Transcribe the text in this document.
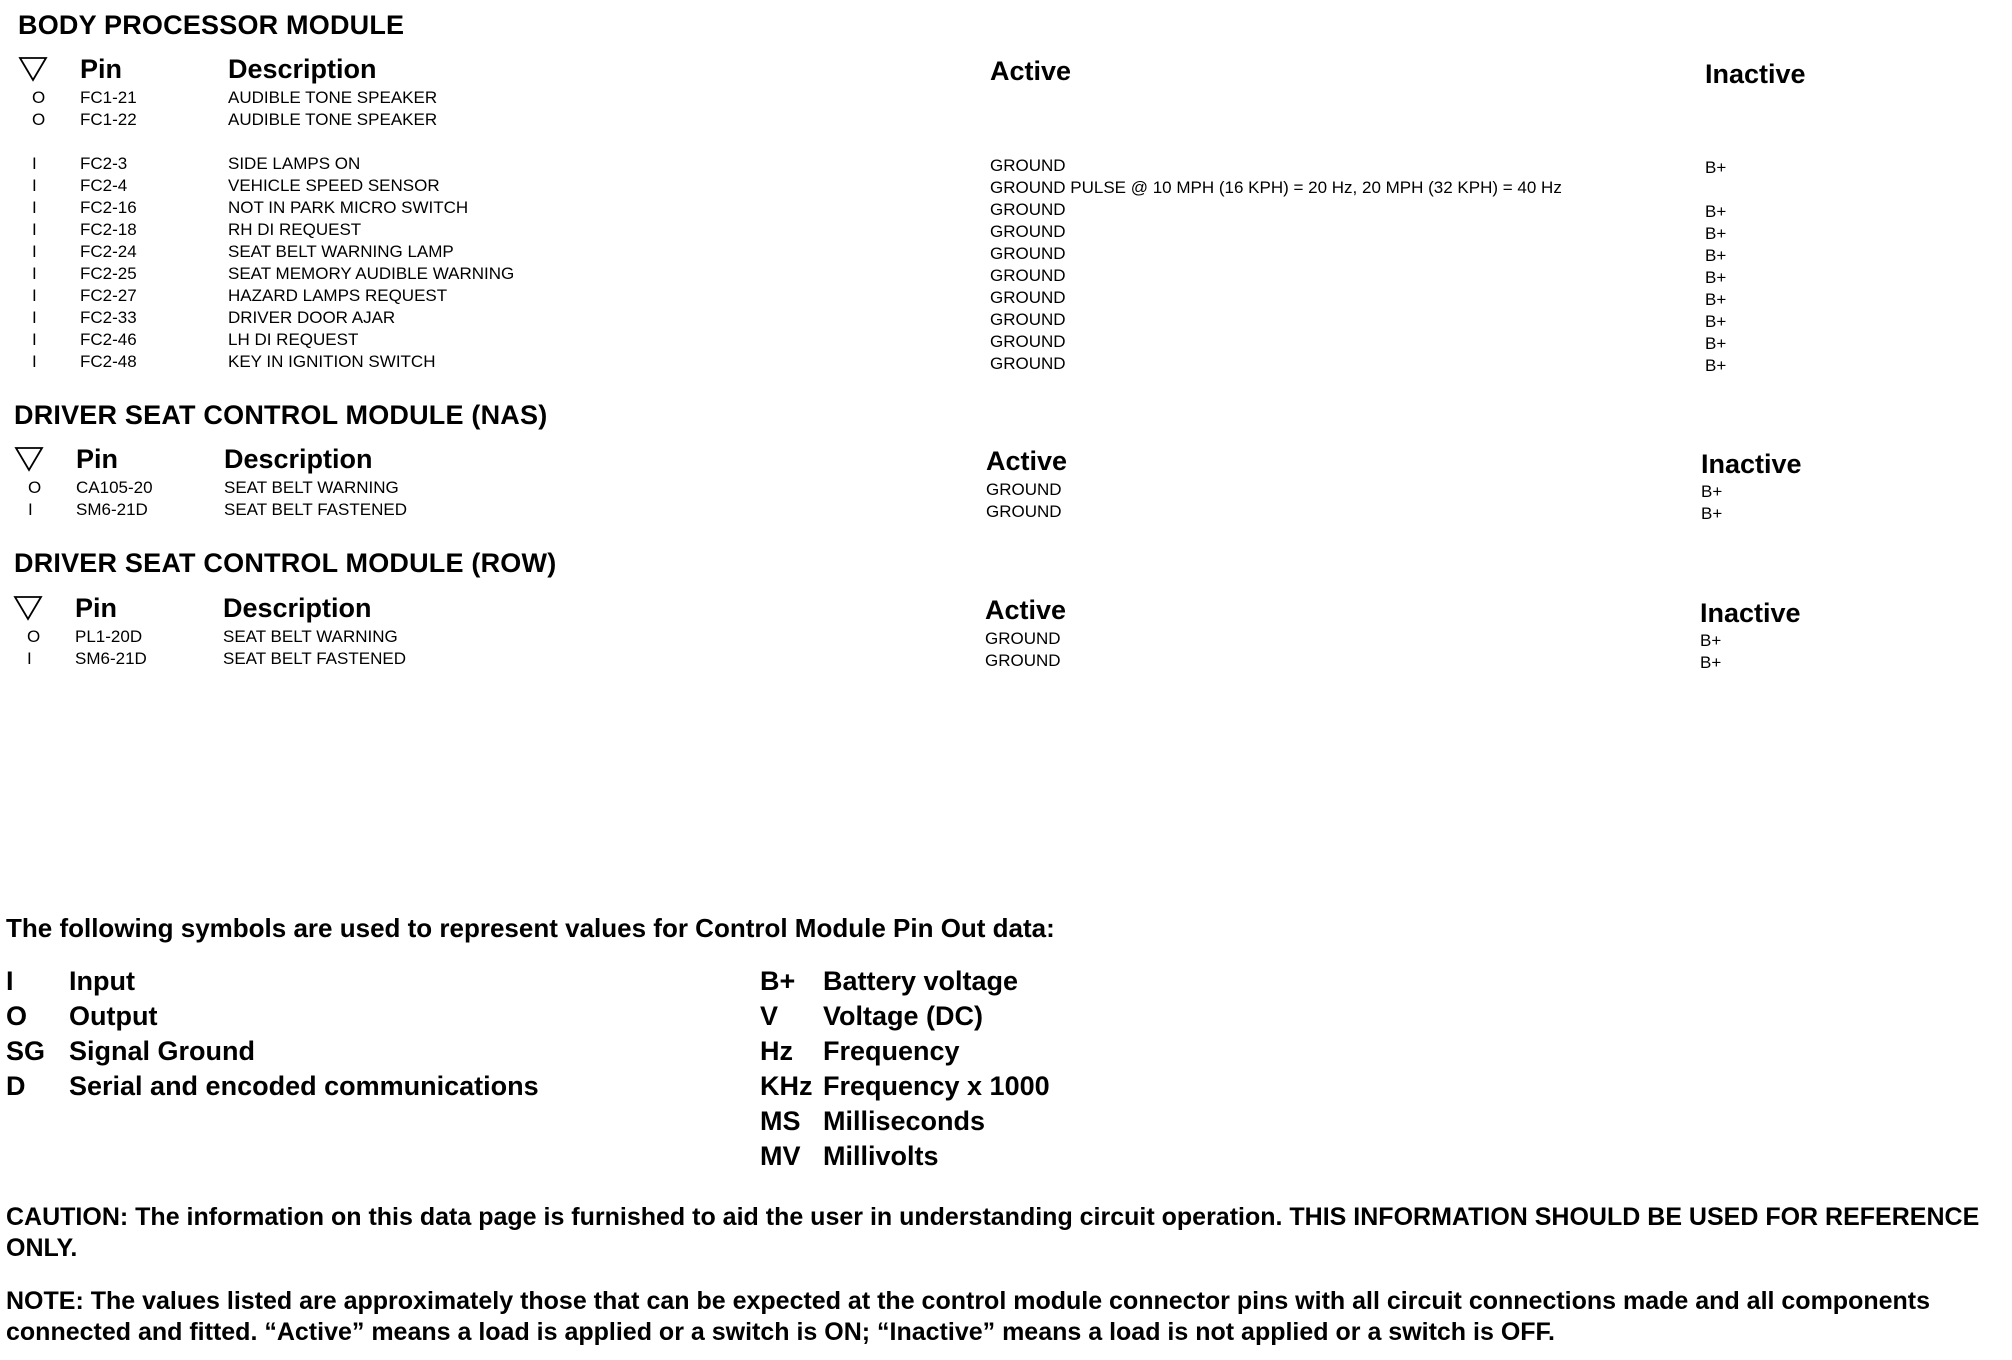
BODY PROCESSOR MODULE
Pin	Description	Active	Inactive
O FC1-21	AUDIBLE TONE SPEAKER
O FC1-22	AUDIBLE TONE SPEAKER
I	FC2-3	SIDE LAMPS ON	GROUND	B+
I	FC2-4	VEHICLE SPEED SENSOR	GROUND PULSE @ 10 MPH (16 KPH) = 20 Hz, 20 MPH (32 KPH) = 40 Hz
I	FC2-16	NOT IN PARK MICRO SWITCH	GROUND	B+
I	FC2-18	RH DI REQUEST	GROUND	B+
I	FC2-24	SEAT BELT WARNING LAMP	GROUND	B+
I	FC2-25	SEAT MEMORY AUDIBLE WARNING	GROUND	B+
I	FC2-27	HAZARD LAMPS REQUEST	GROUND	B+
I	FC2-33	DRIVER DOOR AJAR	GROUND	B+
I	FC2-46	LH DI REQUEST	GROUND	B+
I	FC2-48	KEY IN IGNITION SWITCH	GROUND	B+
DRIVER SEAT CONTROL MODULE (NAS)
Pin	Description	Active	Inactive
O CA105-20	SEAT BELT WARNING	GROUND	B+
I	SM6-21D	SEAT BELT FASTENED	GROUND	B+
DRIVER SEAT CONTROL MODULE (ROW)
Pin	Description	Active	Inactive
O PL1-20D	SEAT BELT WARNING	GROUND	B+
I	SM6-21D	SEAT BELT FASTENED	GROUND	B+
The following symbols are used to represent values for Control Module Pin Out data:
I Input
O Output
SG Signal Ground
D Serial and encoded communications
B+ Battery voltage
V Voltage (DC)
Hz Frequency
KHz Frequency x 1000
MS Milliseconds
MV Millivolts
CAUTION: The information on this data page is furnished to aid the user in understanding circuit operation. THIS INFORMATION SHOULD BE USED FOR REFERENCE ONLY.
NOTE: The values listed are approximately those that can be expected at the control module connector pins with all circuit connections made and all components connected and fitted. “Active” means a load is applied or a switch is ON; “Inactive” means a load is not applied or a switch is OFF.
